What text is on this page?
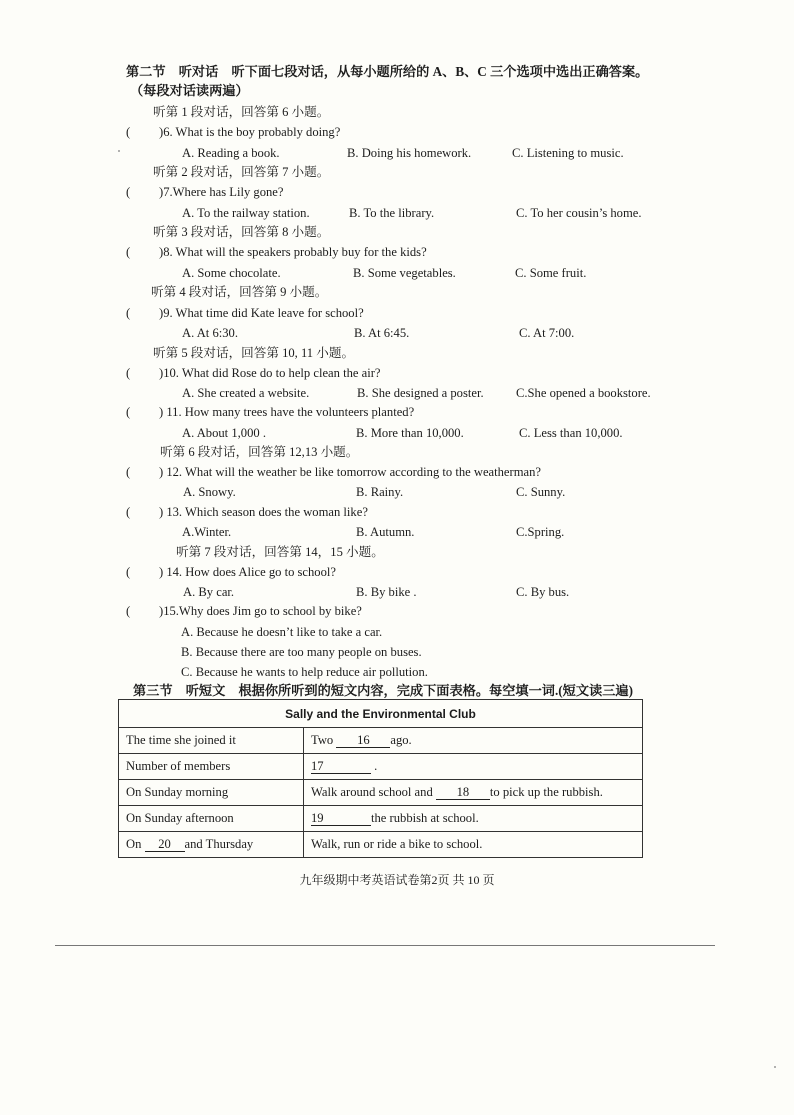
第二节　听对话　听下面七段对话，从每小题所给的 A、B、C 三个选项中选出正确答案。
（每段对话读两遍）
听第 1 段对话，回答第 6 小题。
( )6. What is the boy probably doing?
A. Reading a book.	B. Doing his homework.	C. Listening to music.
听第 2 段对话，回答第 7 小题。
( )7.Where has Lily gone?
A. To the railway station.	B. To the library.	C. To her cousin’s home.
听第 3 段对话，回答第 8 小题。
( )8. What will the speakers probably buy for the kids?
A. Some chocolate.	B. Some vegetables.	C. Some fruit.
听第 4 段对话，回答第 9 小题。
( )9. What time did Kate leave for school?
A. At 6:30.	B. At 6:45.	C. At 7:00.
听第 5 段对话，回答第 10, 11 小题。
( )10. What did Rose do to help clean the air?
A. She created a website.	B. She designed a poster.	C.She opened a bookstore.
( ) 11. How many trees have the volunteers planted?
A. About 1,000 .	B. More than 10,000.	C. Less than 10,000.
听第 6 段对话，回答第 12,13 小题。
( ) 12. What will the weather be like tomorrow according to the weatherman?
A. Snowy.	B. Rainy.	C. Sunny.
( ) 13. Which season does the woman like?
A.Winter.	B. Autumn.	C.Spring.
听第 7 段对话，回答第 14，15 小题。
( ) 14. How does Alice go to school?
A. By car.	B. By bike .	C. By bus.
( )15.Why does Jim go to school by bike?
A. Because he doesn’t like to take a car.
B. Because there are too many people on buses.
C. Because he wants to help reduce air pollution.
第三节　听短文　根据你所听到的短文内容，完成下面表格。每空填一词.(短文读三遍)
Sally and the Environmental Club	
The time she joined it	Two 16 ago.
Number of members	17 .
On Sunday morning	Walk around school and 18 to pick up the rubbish.
On Sunday afternoon	19 the rubbish at school.
On 20 and Thursday	Walk, run or ride a bike to school.
九年级期中考英语试卷第2页 共 10 页
